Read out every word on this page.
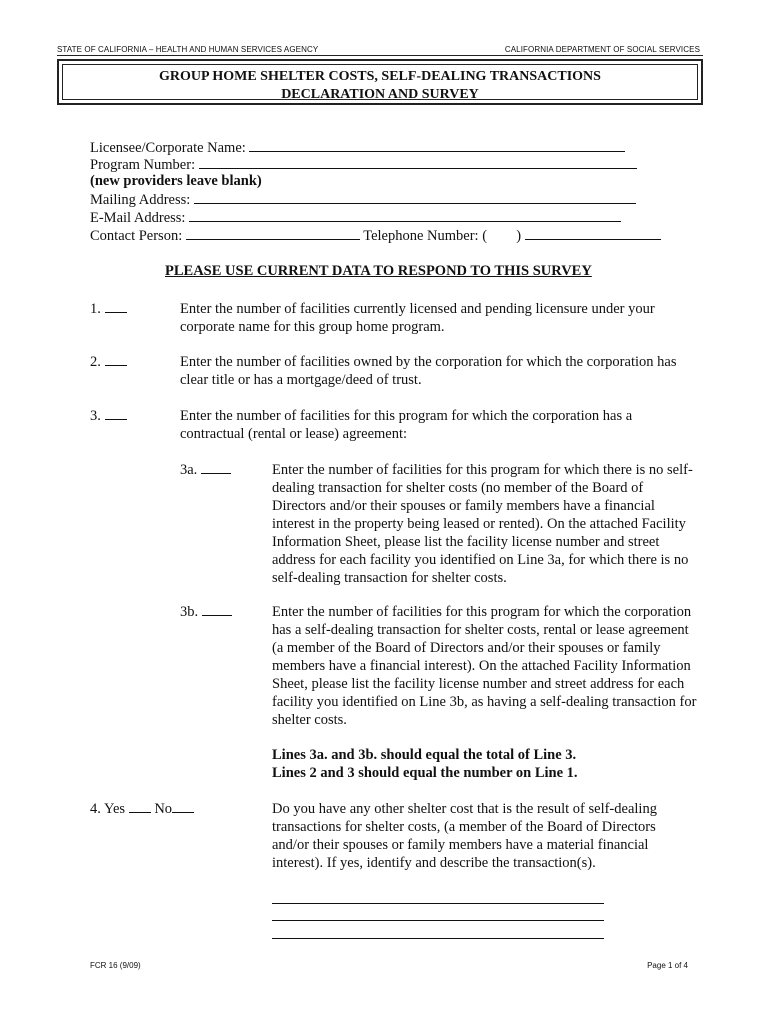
STATE OF CALIFORNIA – HEALTH AND HUMAN SERVICES AGENCY	CALIFORNIA DEPARTMENT OF SOCIAL SERVICES
GROUP HOME SHELTER COSTS, SELF-DEALING TRANSACTIONS
DECLARATION AND SURVEY
Licensee/Corporate Name:
Program Number:
(new providers leave blank)
Mailing Address:
E-Mail Address:
Contact Person:	Telephone Number: ( )
PLEASE USE CURRENT DATA TO RESPOND TO THIS SURVEY
1.	Enter the number of facilities currently licensed and pending licensure under your corporate name for this group home program.
2.	Enter the number of facilities owned by the corporation for which the corporation has clear title or has a mortgage/deed of trust.
3.	Enter the number of facilities for this program for which the corporation has a contractual (rental or lease) agreement:
3a.	Enter the number of facilities for this program for which there is no self-dealing transaction for shelter costs (no member of the Board of Directors and/or their spouses or family members have a financial interest in the property being leased or rented). On the attached Facility Information Sheet, please list the facility license number and street address for each facility you identified on Line 3a, for which there is no self-dealing transaction for shelter costs.
3b.	Enter the number of facilities for this program for which the corporation has a self-dealing transaction for shelter costs, rental or lease agreement (a member of the Board of Directors and/or their spouses or family members have a financial interest). On the attached Facility Information Sheet, please list the facility license number and street address for each facility you identified on Line 3b, as having a self-dealing transaction for shelter costs.
Lines 3a. and 3b. should equal the total of Line 3.
Lines 2 and 3 should equal the number on Line 1.
4. Yes No	Do you have any other shelter cost that is the result of self-dealing transactions for shelter costs, (a member of the Board of Directors and/or their spouses or family members have a material financial interest). If yes, identify and describe the transaction(s).
FCR 16 (9/09)	Page 1 of 4
